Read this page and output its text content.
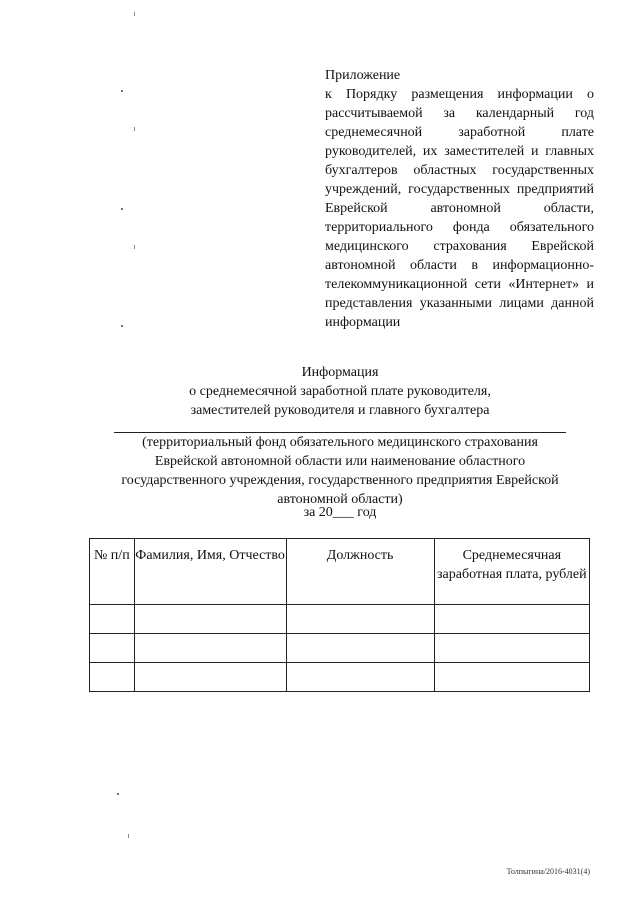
Приложение
к Порядку размещения информации о рассчитываемой за календарный год среднемесячной заработной плате руководителей, их заместителей и главных бухгалтеров областных государственных учреждений, государственных предприятий Еврейской автономной области, территориального фонда обязательного медицинского страхования Еврейской автономной области в информационно-телекоммуникационной сети «Интернет» и представления указанными лицами данной информации
Информация
о среднемесячной заработной плате руководителя,
заместителей руководителя и главного бухгалтера
(территориальный фонд обязательного медицинского страхования
Еврейской автономной области или наименование областного
государственного учреждения, государственного предприятия Еврейской
автономной области)
за 20___ год
№ п/п	Фамилия, Имя, Отчество	Должность	Среднемесячная заработная плата, рублей

Толпыгина/2016-4031(4)
